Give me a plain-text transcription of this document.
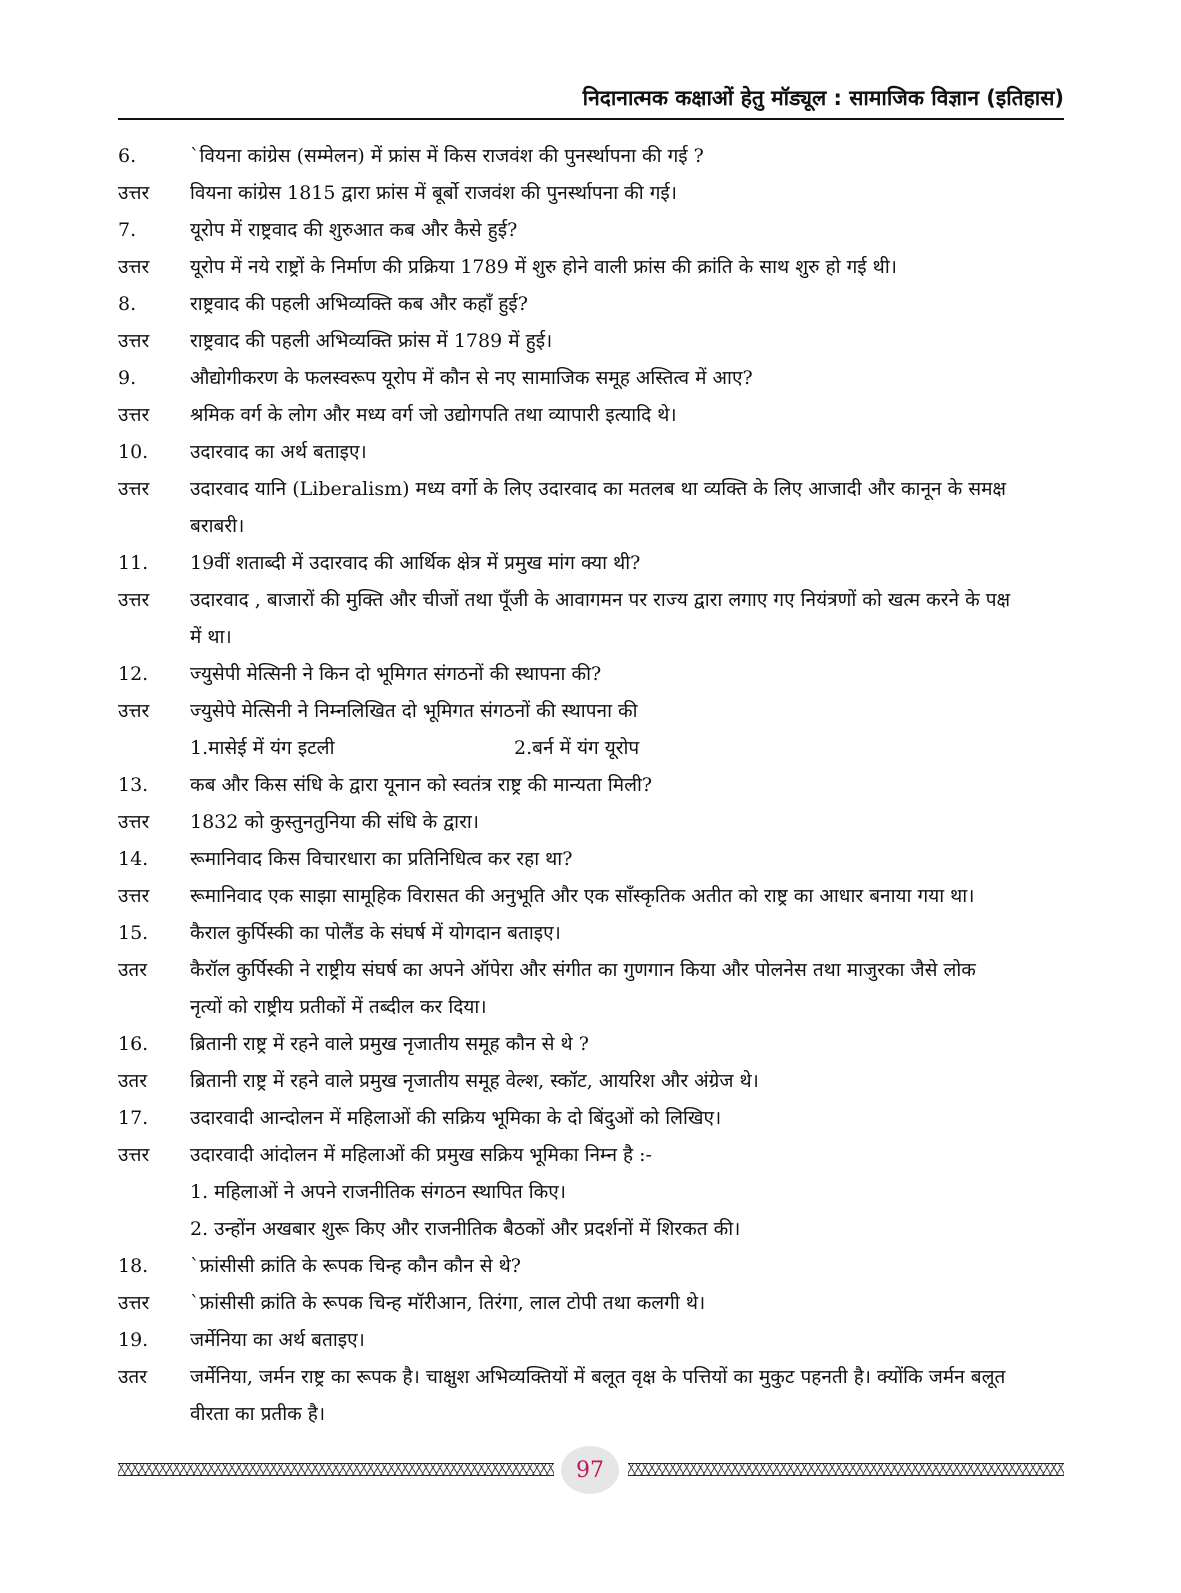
निदानात्मक कक्षाओं हेतु मॉड्यूल : सामाजिक विज्ञान (इतिहास)
6.	`वियना कांग्रेस (सम्मेलन) में फ्रांस में किस राजवंश की पुनर्स्थापना की गई ?
उत्तर	वियना कांग्रेस 1815 द्वारा फ्रांस में बूर्बो राजवंश की पुनर्स्थापना की गई।
7.	यूरोप में राष्ट्रवाद की शुरुआत कब और कैसे हुई?
उत्तर	यूरोप में नये राष्ट्रों के निर्माण की प्रक्रिया 1789 में शुरु होने वाली फ्रांस की क्रांति के साथ शुरु हो गई थी।
8.	राष्ट्रवाद की पहली अभिव्यक्ति कब और कहाँ हुई?
उत्तर	राष्ट्रवाद की पहली अभिव्यक्ति फ्रांस में 1789 में हुई।
9.	औद्योगीकरण के फलस्वरूप यूरोप में कौन से नए सामाजिक समूह अस्तित्व में आए?
उत्तर	श्रमिक वर्ग के लोग और मध्य वर्ग जो उद्योगपति तथा व्यापारी इत्यादि थे।
10.	उदारवाद का अर्थ बताइए।
उत्तर	उदारवाद यानि (Liberalism) मध्य वर्गो के लिए उदारवाद का मतलब था व्यक्ति के लिए आजादी और कानून के समक्ष
बराबरी।
11.	19वीं शताब्दी में उदारवाद की आर्थिक क्षेत्र में प्रमुख मांग क्या थी?
उत्तर	उदारवाद , बाजारों की मुक्ति और चीजों तथा पूँजी के आवागमन पर राज्य द्वारा लगाए गए नियंत्रणों को खत्म करने के पक्ष
में था।
12.	ज्युसेपी मेत्सिनी ने किन दो भूमिगत संगठनों की स्थापना की?
उत्तर	ज्युसेपे मेत्सिनी ने निम्नलिखित दो भूमिगत संगठनों की स्थापना की
1.मासेई में यंग इटली	2.बर्न में यंग यूरोप
13.	कब और किस संधि के द्वारा यूनान को स्वतंत्र राष्ट्र की मान्यता मिली?
उत्तर	1832 को कुस्तुनतुनिया की संधि के द्वारा।
14.	रूमानिवाद किस विचारधारा का प्रतिनिधित्व कर रहा था?
उत्तर	रूमानिवाद एक साझा सामूहिक विरासत की अनुभूति और एक साँस्कृतिक अतीत को राष्ट्र का आधार बनाया गया था।
15.	कैराल कुर्पिस्की का पोलैंड के संघर्ष में योगदान बताइए।
उतर	कैरॉल कुर्पिस्की ने राष्ट्रीय संघर्ष का अपने ऑपेरा और संगीत का गुणगान किया और पोलनेस तथा माजुरका जैसे लोक
नृत्यों को राष्ट्रीय प्रतीकों में तब्दील कर दिया।
16.	ब्रितानी राष्ट्र में रहने वाले प्रमुख नृजातीय समूह कौन से थे ?
उतर	ब्रितानी राष्ट्र में रहने वाले प्रमुख नृजातीय समूह वेल्श, स्कॉट, आयरिश और अंग्रेज थे।
17.	उदारवादी आन्दोलन में महिलाओं की सक्रिय भूमिका के दो बिंदुओं को लिखिए।
उत्तर	उदारवादी आंदोलन में महिलाओं की प्रमुख सक्रिय भूमिका निम्न है :-
1. महिलाओं ने अपने राजनीतिक संगठन स्थापित किए।
2. उन्होंन अखबार शुरू किए और राजनीतिक बैठकों और प्रदर्शनों में शिरकत की।
18.	`फ्रांसीसी क्रांति के रूपक चिन्ह कौन कौन से थे?
उत्तर	`फ्रांसीसी क्रांति के रूपक चिन्ह मॉरीआन, तिरंगा, लाल टोपी तथा कलगी थे।
19.	जर्मेनिया का अर्थ बताइए।
उतर	जर्मेनिया, जर्मन राष्ट्र का रूपक है। चाक्षुश अभिव्यक्तियों में बलूत वृक्ष के पत्तियों का मुकुट पहनती है। क्योंकि जर्मन बलूत
वीरता का प्रतीक है।
97
